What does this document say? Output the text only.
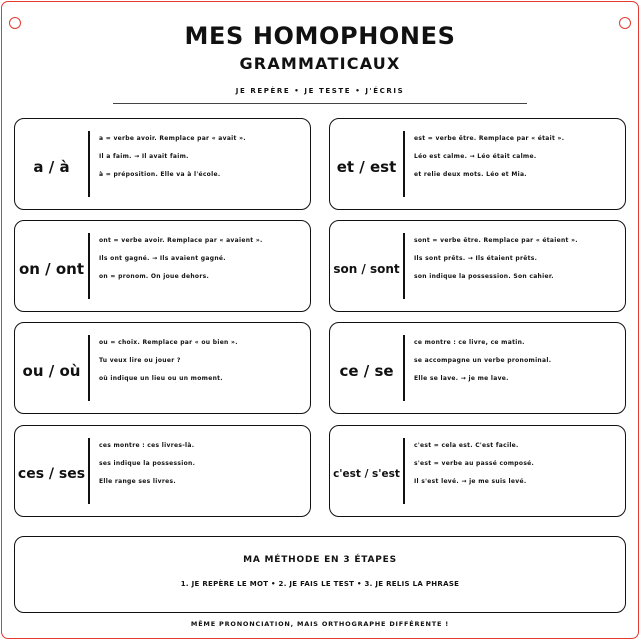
MES HOMOPHONES
GRAMMATICAUX
JE REPÈRE • JE TESTE • J'ÉCRIS
a / à
a = verbe avoir. Remplace par « avait ».
Il a faim. → Il avait faim.
à = préposition. Elle va à l'école.	et / est
est = verbe être. Remplace par « était ».
Léo est calme. → Léo était calme.
et relie deux mots. Léo et Mia.
on / ont
ont = verbe avoir. Remplace par « avaient ».
Ils ont gagné. → Ils avaient gagné.
on = pronom. On joue dehors.
son / sont
sont = verbe être. Remplace par « étaient ».
Ils sont prêts. → Ils étaient prêts.
son indique la possession. Son cahier.
ou / où
ou = choix. Remplace par « ou bien ».
Tu veux lire ou jouer ?
où indique un lieu ou un moment.	ce / se
ce montre : ce livre, ce matin.
se accompagne un verbe pronominal.
Elle se lave. → je me lave.
ces / ses
ces montre : ces livres-là.
ses indique la possession.
Elle range ses livres.
c'est / s'est
c'est = cela est. C'est facile.
s'est = verbe au passé composé.
Il s'est levé. → je me suis levé.
MA MÉTHODE EN 3 ÉTAPES
1. JE REPÈRE LE MOT • 2. JE FAIS LE TEST • 3. JE RELIS LA PHRASE
MÊME PRONONCIATION, MAIS ORTHOGRAPHE DIFFÉRENTE !
